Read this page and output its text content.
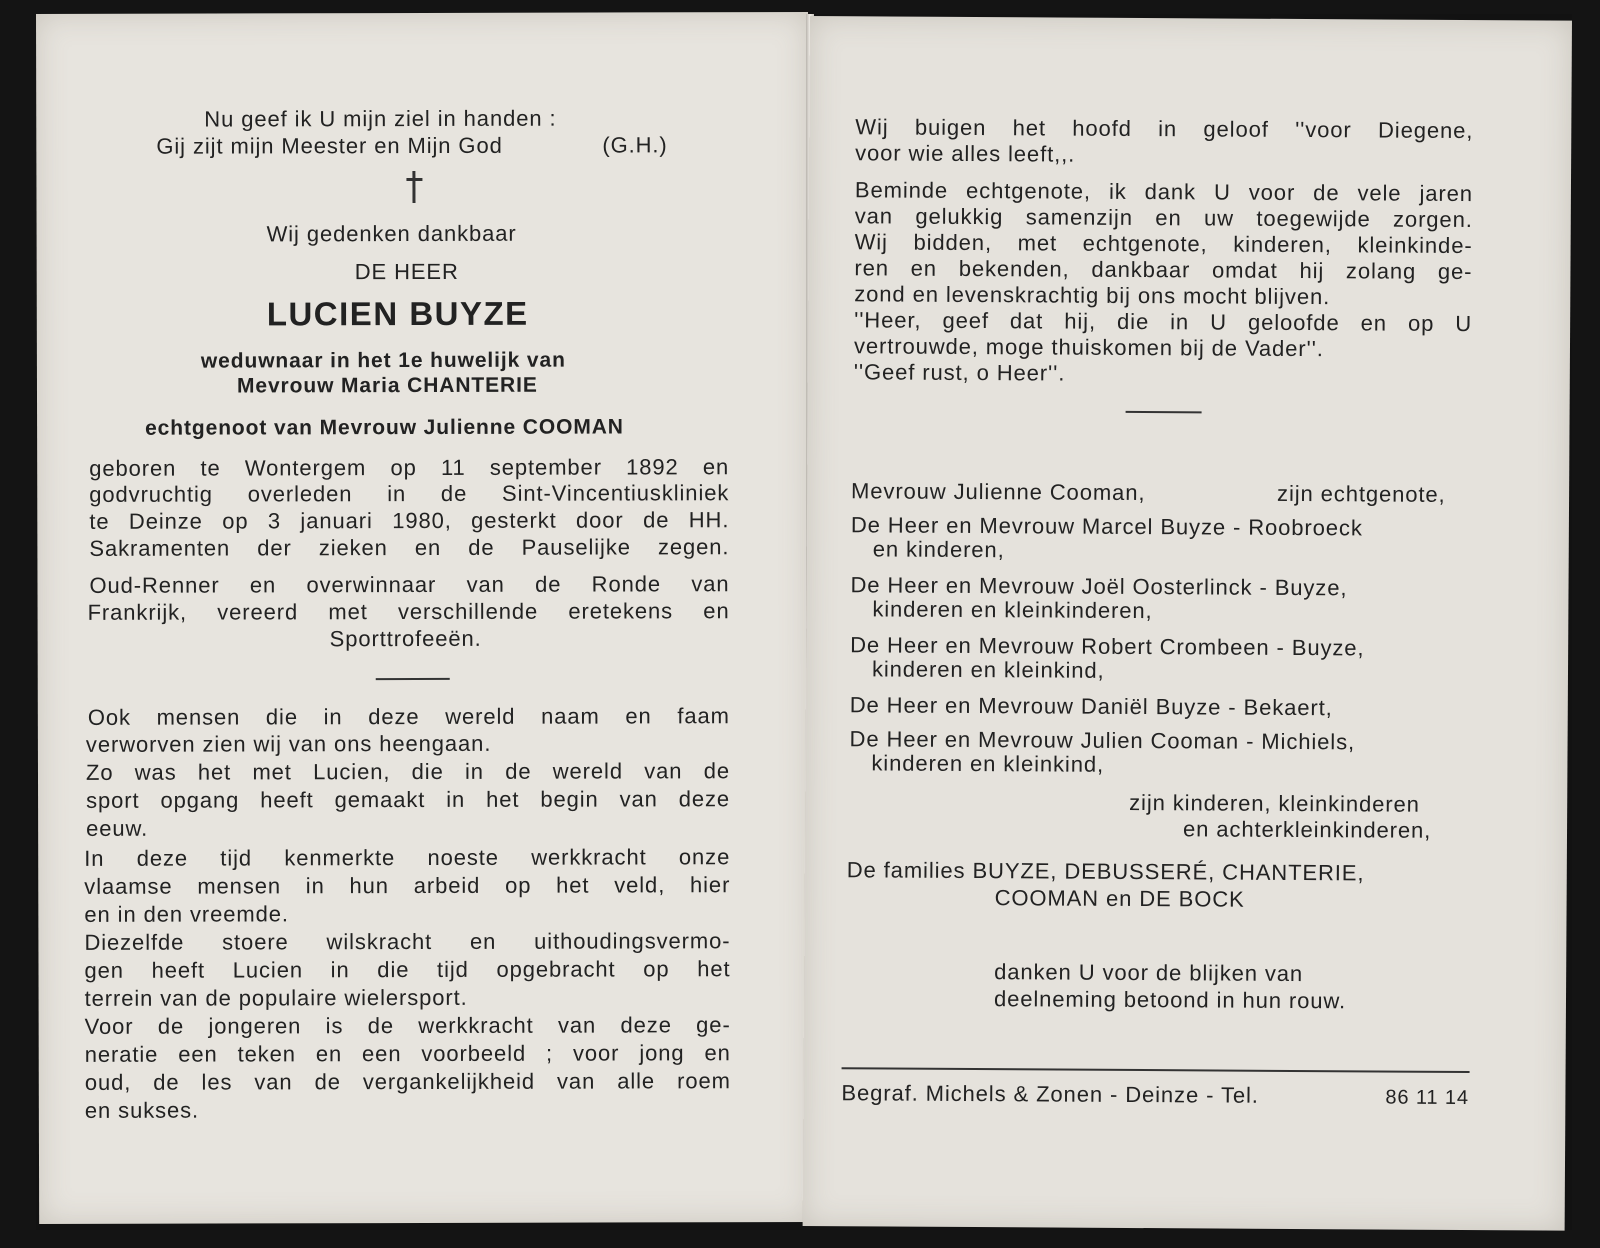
Nu geef ik U mijn ziel in handen :
Gij zijt mijn Meester en Mijn God	(G.H.)
Wij gedenken dankbaar
DE HEER
LUCIEN BUYZE
weduwnaar in het 1e huwelijk van
Mevrouw Maria CHANTERIE
echtgenoot van Mevrouw Julienne COOMAN
geboren te Wontergem op 11 september 1892 en
godvruchtig overleden in de Sint-Vincentiuskliniek
te Deinze op 3 januari 1980, gesterkt door de HH.
Sakramenten der zieken en de Pauselijke zegen.
Oud-Renner en overwinnaar van de Ronde van
Frankrijk, vereerd met verschillende eretekens en
Sporttrofeeën.
Ook mensen die in deze wereld naam en faam
verworven zien wij van ons heengaan.
Zo was het met Lucien, die in de wereld van de
sport opgang heeft gemaakt in het begin van deze
eeuw.
In deze tijd kenmerkte noeste werkkracht onze
vlaamse mensen in hun arbeid op het veld, hier
en in den vreemde.
Diezelfde stoere wilskracht en uithoudingsvermo-
gen heeft Lucien in die tijd opgebracht op het
terrein van de populaire wielersport.
Voor de jongeren is de werkkracht van deze ge-
neratie een teken en een voorbeeld ; voor jong en
oud, de les van de vergankelijkheid van alle roem
en sukses.
Wij buigen het hoofd in geloof ''voor Diegene,
voor wie alles leeft,,.
Beminde echtgenote, ik dank U voor de vele jaren
van gelukkig samenzijn en uw toegewijde zorgen.
Wij bidden, met echtgenote, kinderen, kleinkinde-
ren en bekenden, dankbaar omdat hij zolang ge-
zond en levenskrachtig bij ons mocht blijven.
''Heer, geef dat hij, die in U geloofde en op U
vertrouwde, moge thuiskomen bij de Vader''.
''Geef rust, o Heer''.
Mevrouw Julienne Cooman,	zijn echtgenote,
De Heer en Mevrouw Marcel Buyze - Roobroeck
en kinderen,
De Heer en Mevrouw Joël Oosterlinck - Buyze,
kinderen en kleinkinderen,
De Heer en Mevrouw Robert Crombeen - Buyze,
kinderen en kleinkind,
De Heer en Mevrouw Daniël Buyze - Bekaert,
De Heer en Mevrouw Julien Cooman - Michiels,
kinderen en kleinkind,
zijn kinderen, kleinkinderen
en achterkleinkinderen,
De families BUYZE, DEBUSSERÉ, CHANTERIE,
COOMAN en DE BOCK
danken U voor de blijken van
deelneming betoond in hun rouw.
Begraf. Michels & Zonen - Deinze - Tel.	86 11 14
